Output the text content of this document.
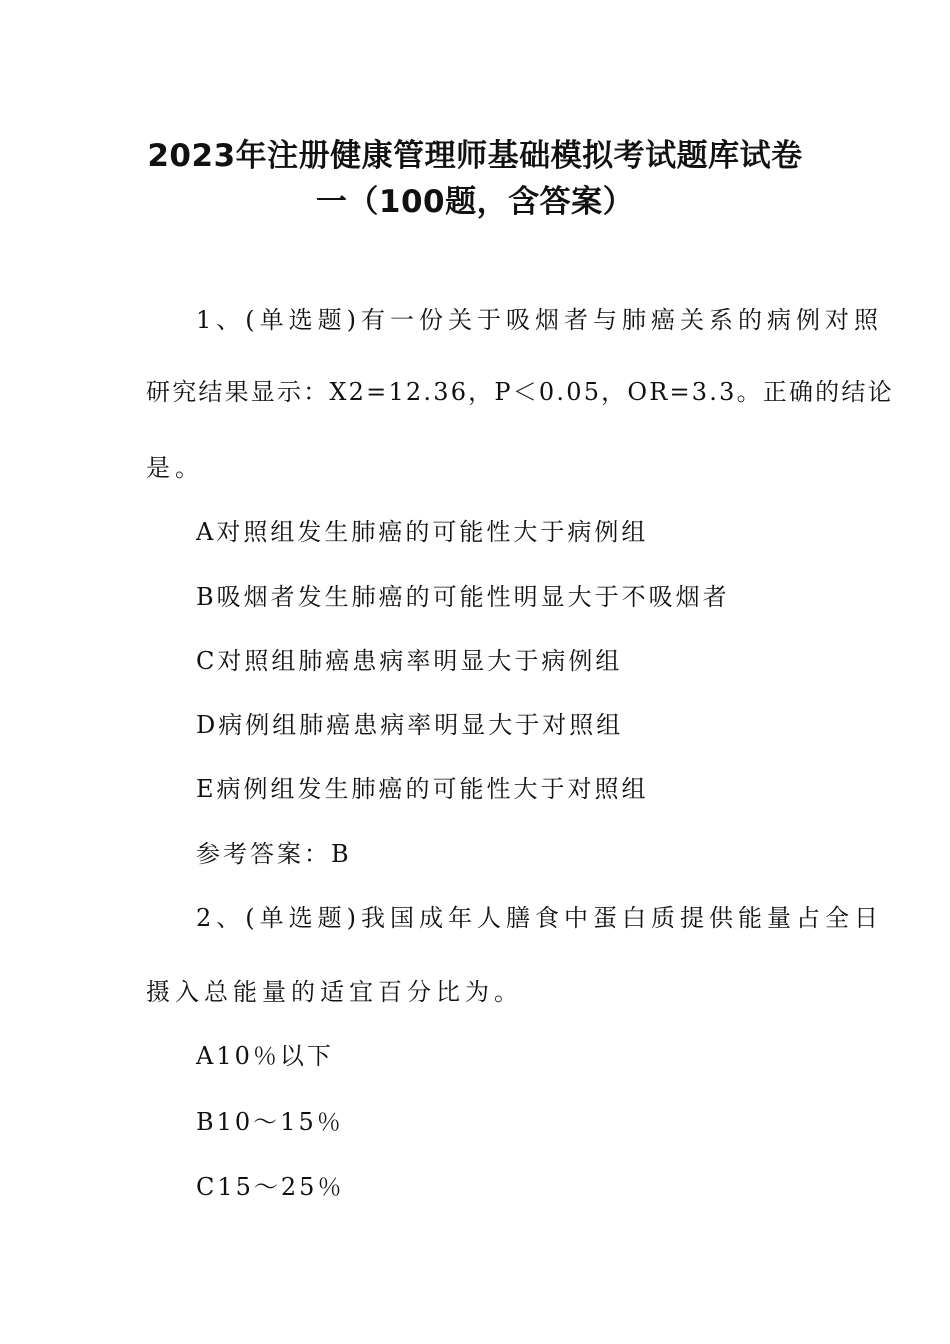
2023年注册健康管理师基础模拟考试题库试卷
一（100题，含答案）
1、(单选题)有一份关于吸烟者与肺癌关系的病例对照
研究结果显示：X2=12.36，P＜0.05，OR=3.3。正确的结论
是。
A对照组发生肺癌的可能性大于病例组
B吸烟者发生肺癌的可能性明显大于不吸烟者
C对照组肺癌患病率明显大于病例组
D病例组肺癌患病率明显大于对照组
E病例组发生肺癌的可能性大于对照组
参考答案：B
2、(单选题)我国成年人膳食中蛋白质提供能量占全日
摄入总能量的适宜百分比为。
A10％以下
B10～15％
C15～25％
